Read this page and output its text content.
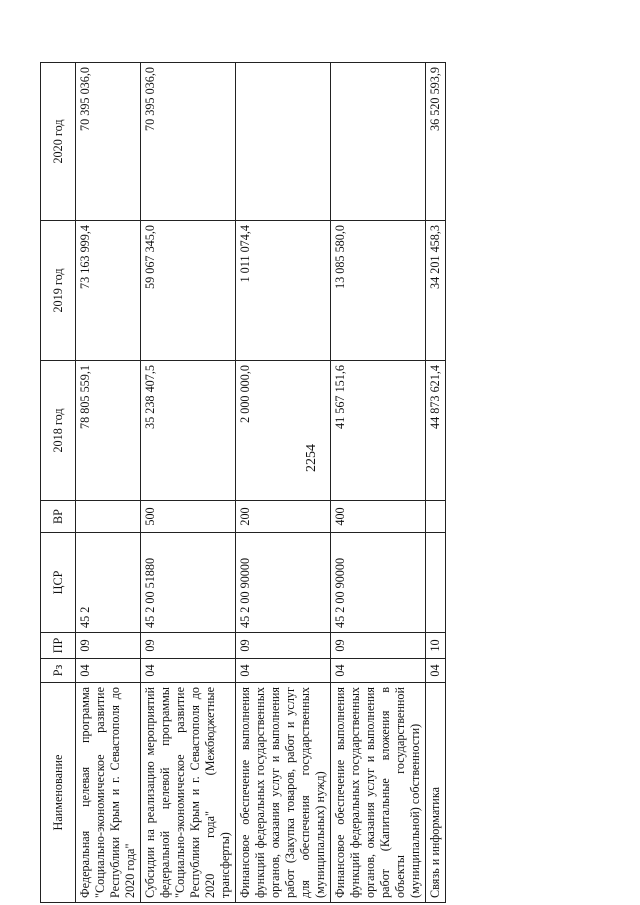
2254
Наименование	Рз	ПР	ЦСР	ВР	2018 год	2019 год	2020 год
Федеральная целевая программа "Социально-экономическое развитие Республики Крым и г. Севастополя до 2020 года"	04	09	45 2		78 805 559,1	73 163 999,4	70 395 036,0
Субсидии на реализацию мероприятий федеральной целевой программы "Социально-экономическое развитие Республики Крым и г. Севастополя до 2020 года" (Межбюджетные трансферты)	04	09	45 2 00 51880	500	35 238 407,5	59 067 345,0	70 395 036,0
Финансовое обеспечение выполнения функций федеральных государственных органов, оказания услуг и выполнения работ (Закупка товаров, работ и услуг для обеспечения государственных (муниципальных) нужд)	04	09	45 2 00 90000	200	2 000 000,0	1 011 074,4	
Финансовое обеспечение выполнения функций федеральных государственных органов, оказания услуг и выполнения работ (Капитальные вложения в объекты государственной (муниципальной) собственности)	04	09	45 2 00 90000	400	41 567 151,6	13 085 580,0	
Связь и информатика	04	10			44 873 621,4	34 201 458,3	36 520 593,9
